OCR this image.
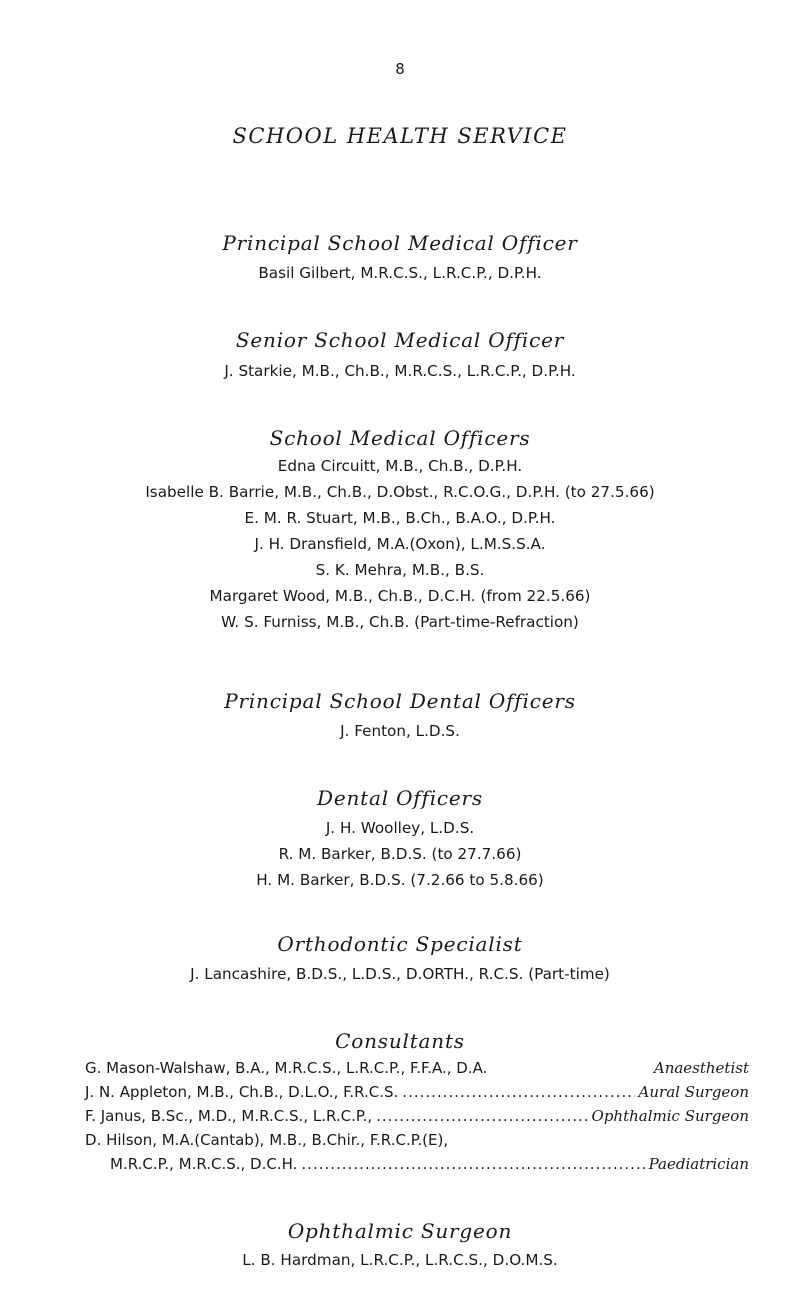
8
SCHOOL HEALTH SERVICE
Principal School Medical Officer
Basil Gilbert, M.R.C.S., L.R.C.P., D.P.H.
Senior School Medical Officer
J. Starkie, M.B., Ch.B., M.R.C.S., L.R.C.P., D.P.H.
School Medical Officers
Edna Circuitt, M.B., Ch.B., D.P.H.
Isabelle B. Barrie, M.B., Ch.B., D.Obst., R.C.O.G., D.P.H. (to 27.5.66)
E. M. R. Stuart, M.B., B.Ch., B.A.O., D.P.H.
J. H. Dransfield, M.A.(Oxon), L.M.S.S.A.
S. K. Mehra, M.B., B.S.
Margaret Wood, M.B., Ch.B., D.C.H. (from 22.5.66)
W. S. Furniss, M.B., Ch.B. (Part-time-Refraction)
Principal School Dental Officers
J. Fenton, L.D.S.
Dental Officers
J. H. Woolley, L.D.S.
R. M. Barker, B.D.S. (to 27.7.66)
H. M. Barker, B.D.S. (7.2.66 to 5.8.66)
Orthodontic Specialist
J. Lancashire, B.D.S., L.D.S., D.ORTH., R.C.S. (Part-time)
Consultants
G. Mason-Walshaw, B.A., M.R.C.S., L.R.C.P., F.F.A., D.A.	Anaesthetist
J. N. Appleton, M.B., Ch.B., D.L.O., F.R.C.S. .....	Aural Surgeon
F. Janus, B.Sc., M.D., M.R.C.S., L.R.C.P., .....	Ophthalmic Surgeon
D. Hilson, M.A.(Cantab), M.B., B.Chir., F.R.C.P.(E),
M.R.C.P., M.R.C.S., D.C.H. .....	Paediatrician
Ophthalmic Surgeon
L. B. Hardman, L.R.C.P., L.R.C.S., D.O.M.S.
